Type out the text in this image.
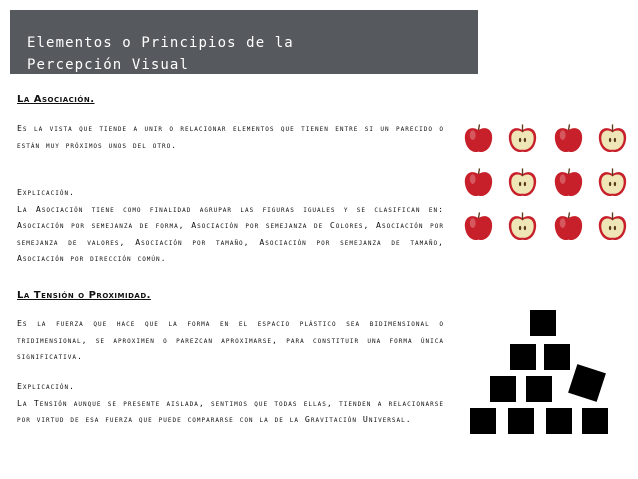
Elementos o Principios de la
Percepción Visual
La Asociación.
Es la vista que tiende a unir o relacionar elementos que tienen entre si un parecido o están muy próximos unos del otro.
Explicación.
La Asociación tiene como finalidad agrupar las figuras iguales y se clasifican en: Asociación por semejanza de forma, Asociación por semejanza de Colores, Asociación por semejanza de valores, Asociación por tamaño, Asociación por semejanza de tamaño, Asociación por dirección común.
La Tensión o Proximidad.
Es la fuerza que hace que la forma en el espacio plástico sea bidimensional o tridimensional, se aproximen o parezcan aproximarse, para constituir una forma única significativa.
Explicación.
La Tensión aunque se presente aislada, sentimos que todas ellas, tienden a relacionarse por virtud de esa fuerza que puede compararse con la de la Gravitación Universal.
